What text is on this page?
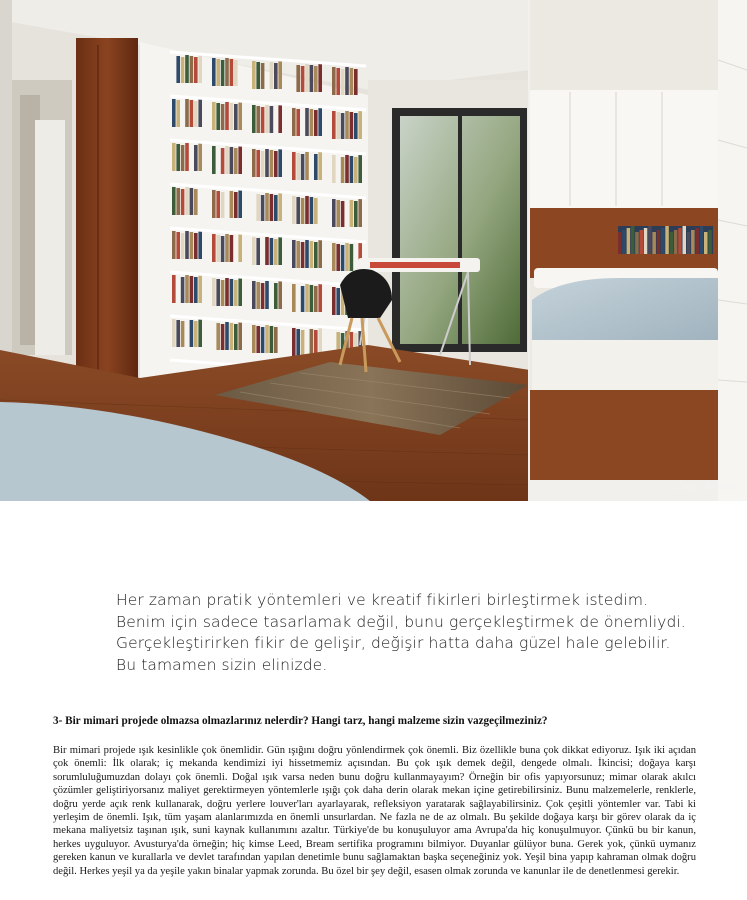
© Engin Aydeniz

Her zaman pratik yöntemleri ve kreatif fikirleri birleştirmek istedim.

Benim için sadece tasarlamak değil, bunu gerçekleştirmek de önemliydi.

Gerçekleştirirken fikir de gelişir, değişir hatta daha güzel hale gelebilir.

Bu tamamen sizin elinizde.

3- Bir mimari projede olmazsa olmazlarınız nelerdir? Hangi tarz, hangi malzeme sizin vazgeçilmeziniz?

Bir mimari projede ışık kesinlikle çok önemlidir. Gün ışığını doğru yönlendirmek çok önemli. Biz özellikle buna çok dikkat ediyoruz. Işık iki açıdan çok önemli: İlk olarak; iç mekanda kendimizi iyi hissetmemiz açısından. Bu çok ışık demek değil, dengede olmalı. İkincisi; doğaya karşı sorumluluğumuzdan dolayı çok önemli. Doğal ışık varsa neden bunu doğru kullanmayayım? Örneğin bir ofis yapıyorsunuz; mimar olarak akılcı çözümler geliştiriyorsanız maliyet gerektirmeyen yöntemlerle ışığı çok daha derin olarak mekan içine getirebilirsiniz. Bunu malzemelerle, renklerle, doğru yerde açık renk kullanarak, doğru yerlere louver'ları ayarlayarak, refleksiyon yaratarak sağlayabilirsiniz. Çok çeşitli yöntemler var. Tabi ki yerleşim de önemli. Işık, tüm yaşam alanlarımızda en önemli unsurlardan. Ne fazla ne de az olmalı. Bu şekilde doğaya karşı bir görev olarak da iç mekana maliyetsiz taşınan ışık, suni kaynak kullanımını azaltır. Türkiye'de bu konuşuluyor ama Avrupa'da hiç konuşulmuyor. Çünkü bu bir kanun, herkes uyguluyor. Avusturya'da örneğin; hiç kimse Leed, Bream sertifika programını bilmiyor. Duyanlar gülüyor buna. Gerek yok, çünkü uymanız gereken kanun ve kurallarla ve devlet tarafından yapılan denetimle bunu sağlamaktan başka seçeneğiniz yok. Yeşil bina yapıp kahraman olmak doğru değil. Herkes yeşil ya da yeşile yakın binalar yapmak zorunda. Bu özel bir şey değil, esasen olmak zorunda ve kanunlar ile de denetlenmesi gerekir.
